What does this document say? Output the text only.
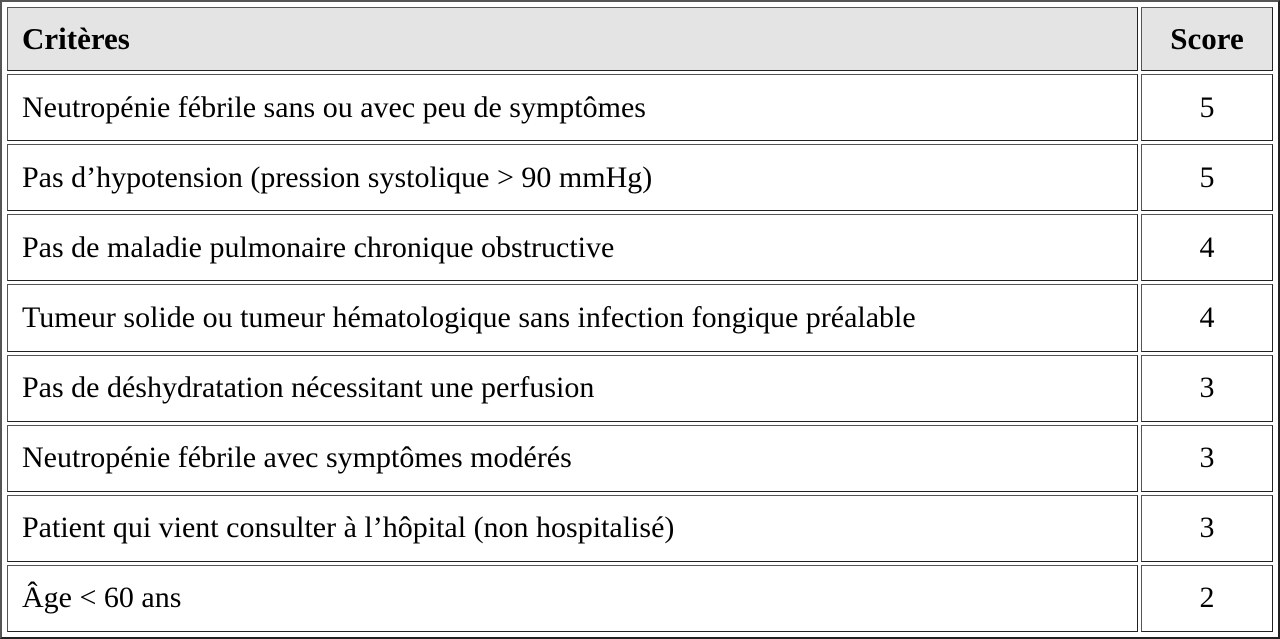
Critères	Score
Neutropénie fébrile sans ou avec peu de symptômes	5
Pas d’hypotension (pression systolique > 90 mmHg)	5
Pas de maladie pulmonaire chronique obstructive	4
Tumeur solide ou tumeur hématologique sans infection fongique préalable	4
Pas de déshydratation nécessitant une perfusion	3
Neutropénie fébrile avec symptômes modérés	3
Patient qui vient consulter à l’hôpital (non hospitalisé)	3
Âge < 60 ans	2
